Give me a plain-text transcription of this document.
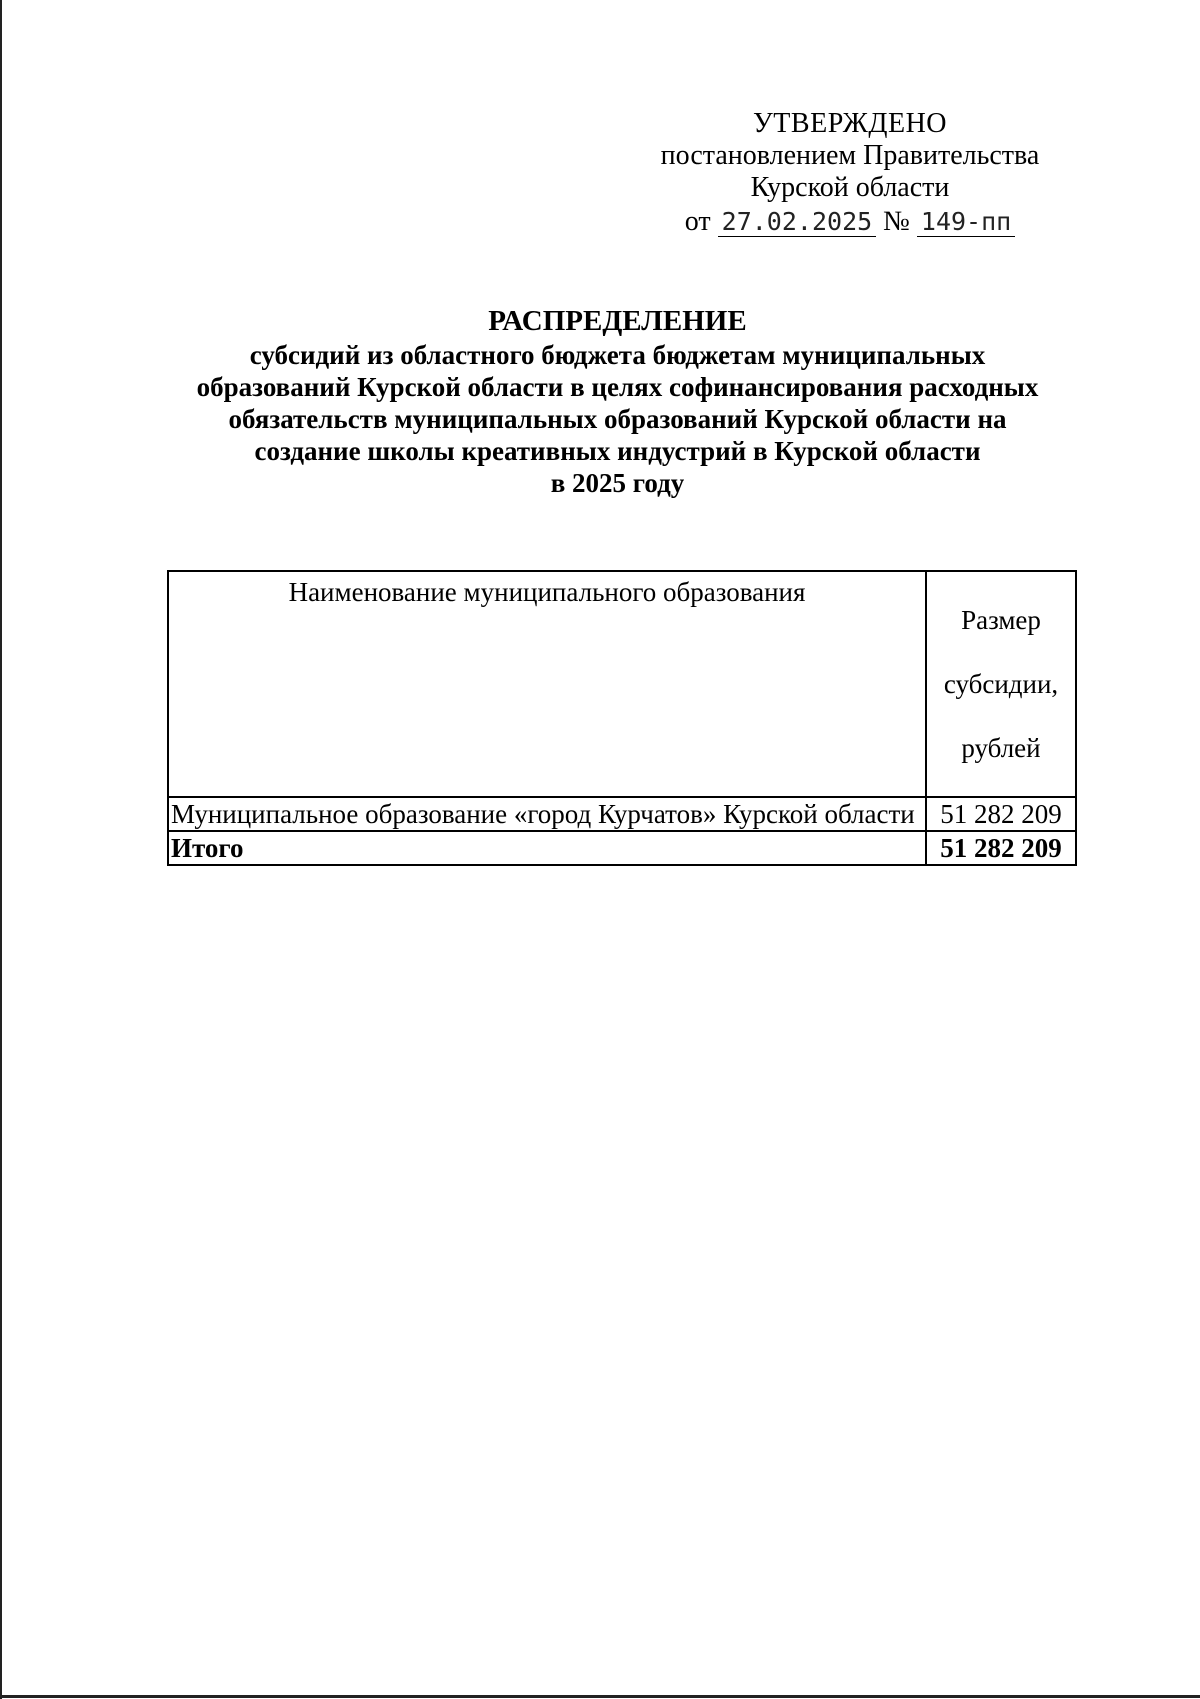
УТВЕРЖДЕНО
постановлением Правительства
Курской области
от 27.02.2025 № 149-пп
РАСПРЕДЕЛЕНИЕ
субсидий из областного бюджета бюджетам муниципальных
образований Курской области в целях софинансирования расходных
обязательств муниципальных образований Курской области на
создание школы креативных индустрий в Курской области
в 2025 году
Наименование муниципального образования	Размер

субсидии,

рублей

Муниципальное образование «город Курчатов» Курской области	51 282 209
Итого	51 282 209
